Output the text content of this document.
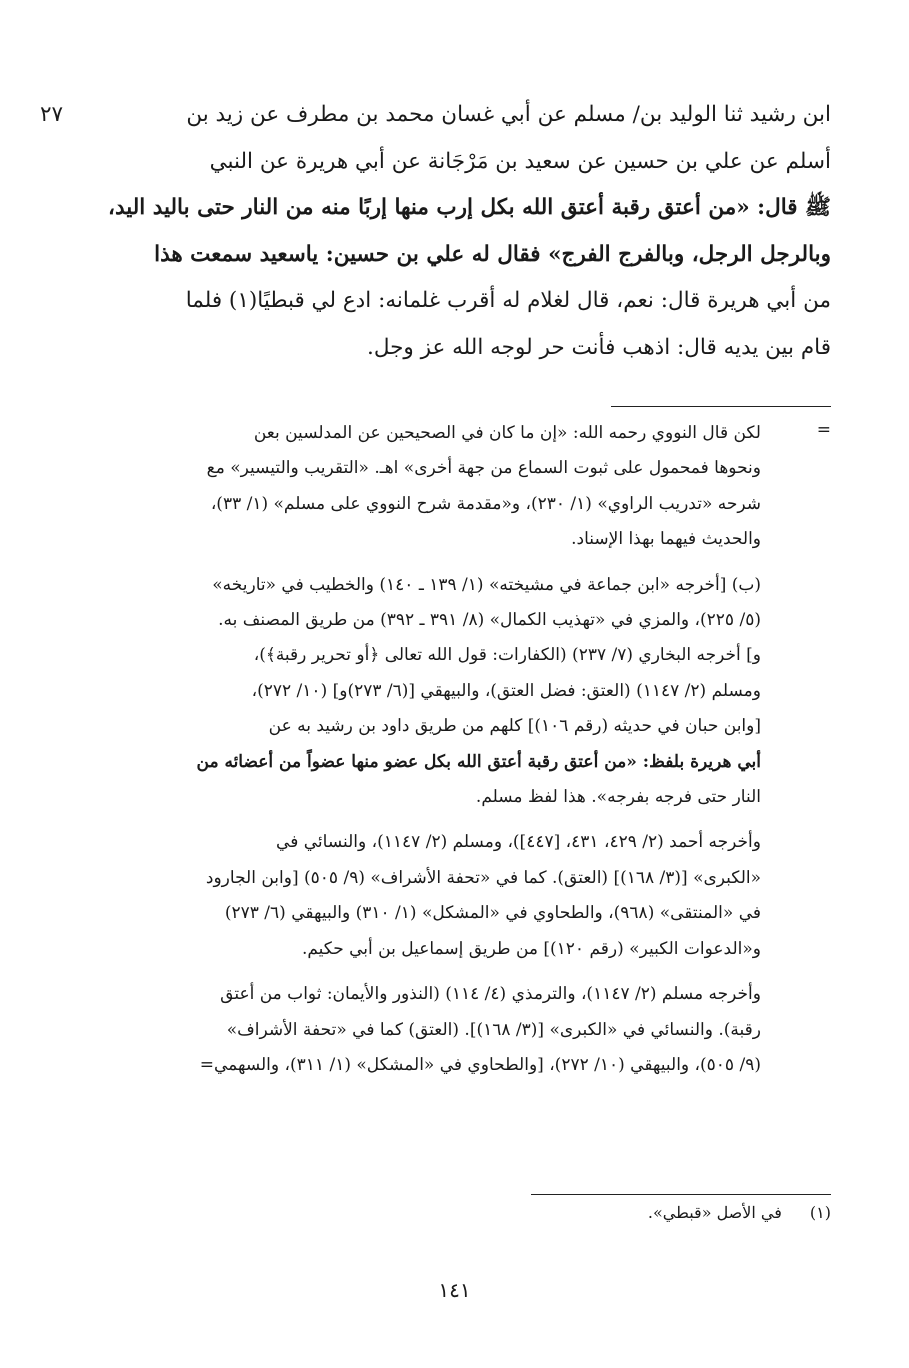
٢٧	ابن رشيد ثنا الوليد بن/ مسلم عن أبي غسان محمد بن مطرف عن زيد بن
أسلم عن علي بن حسين عن سعيد بن مَرْجَانة عن أبي هريرة عن النبي
ﷺ قال: «من أعتق رقبة أعتق الله بكل إرب منها إربًا منه من النار حتى باليد اليد،
وبالرجل الرجل، وبالفرج الفرج» فقال له علي بن حسين: ياسعيد سمعت هذا
من أبي هريرة قال: نعم، قال لغلام له أقرب غلمانه: ادع لي قبطيًا(١) فلما
قام بين يديه قال: اذهب فأنت حر لوجه الله عز وجل.
=
لكن قال النووي رحمه الله: «إن ما كان في الصحيحين عن المدلسين بعن
ونحوها فمحمول على ثبوت السماع من جهة أخرى» اهـ. «التقريب والتيسير» مع
شرحه «تدريب الراوي» (١/ ٢٣٠)، و«مقدمة شرح النووي على مسلم» (١/ ٣٣)،
والحديث فيهما بهذا الإسناد.
(ب) [أخرجه «ابن جماعة في مشيخته» (١/ ١٣٩ ـ ١٤٠) والخطيب في «تاريخه»
(٥/ ٢٢٥)، والمزي في «تهذيب الكمال» (٨/ ٣٩١ ـ ٣٩٢) من طريق المصنف به.
و] أخرجه البخاري (٧/ ٢٣٧) (الكفارات: قول الله تعالى ﴿أو تحرير رقبة﴾)،
ومسلم (٢/ ١١٤٧) (العتق: فضل العتق)، والبيهقي [(٦/ ٢٧٣)و] (١٠/ ٢٧٢)،
[وابن حبان في حديثه (رقم ١٠٦)] كلهم من طريق داود بن رشيد به عن
أبي هريرة بلفظ: «من أعتق رقبة أعتق الله بكل عضو منها عضواً من أعضائه من
النار حتى فرجه بفرجه». هذا لفظ مسلم.
وأخرجه أحمد (٢/ ٤٢٩، ٤٣١، [٤٤٧])، ومسلم (٢/ ١١٤٧)، والنسائي في
«الكبرى» [(٣/ ١٦٨)] (العتق). كما في «تحفة الأشراف» (٩/ ٥٠٥) [وابن الجارود
في «المنتقى» (٩٦٨)، والطحاوي في «المشكل» (١/ ٣١٠) والبيهقي (٦/ ٢٧٣)
و«الدعوات الكبير» (رقم ١٢٠)] من طريق إسماعيل بن أبي حكيم.
وأخرجه مسلم (٢/ ١١٤٧)، والترمذي (٤/ ١١٤) (النذور والأيمان: ثواب من أعتق
رقبة). والنسائي في «الكبرى» [(٣/ ١٦٨)]. (العتق) كما في «تحفة الأشراف»
(٩/ ٥٠٥)، والبيهقي (١٠/ ٢٧٢)، [والطحاوي في «المشكل» (١/ ٣١١)، والسهمي=
(١) في الأصل «قبطي».
١٤١
